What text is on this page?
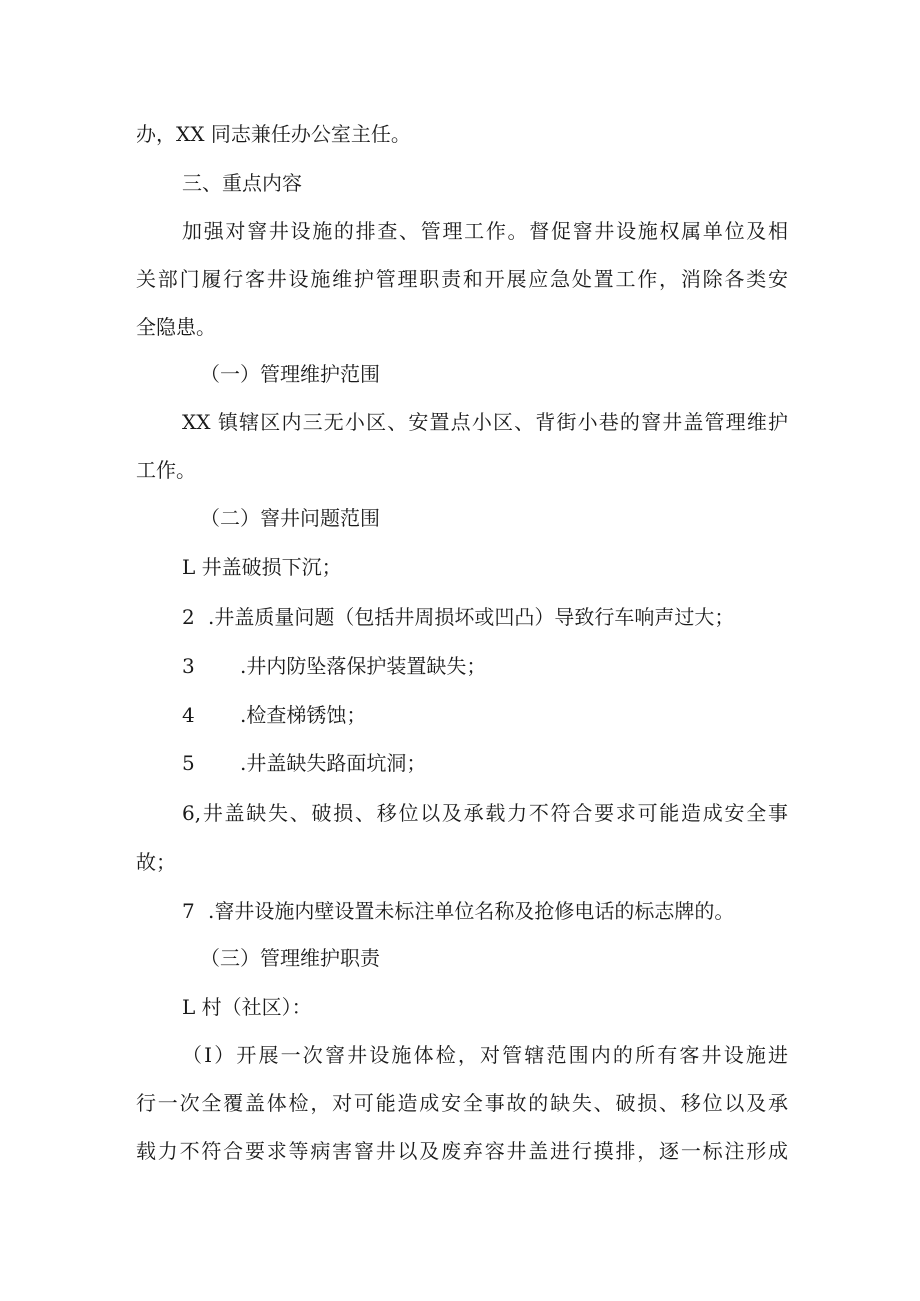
办，XX 同志兼任办公室主任。

三、重点内容

加强对窨井设施的排查、管理工作。督促窨井设施权属单位及相

关部门履行客井设施维护管理职责和开展应急处置工作，消除各类安

全隐患。

（一）管理维护范围

XX 镇辖区内三无小区、安置点小区、背街小巷的窨井盖管理维护

工作。

（二）窨井问题范围

L 井盖破损下沉；

2 .井盖质量问题（包括井周损坏或凹凸）导致行车响声过大；

3 .井内防坠落保护装置缺失；

4 .检查梯锈蚀；

5 .井盖缺失路面坑洞；

6,井盖缺失、破损、移位以及承载力不符合要求可能造成安全事

故；

7 .窨井设施内壁设置未标注单位名称及抢修电话的标志牌的。

（三）管理维护职责

L 村（社区）：

（I）开展一次窨井设施体检，对管辖范围内的所有客井设施进

行一次全覆盖体检，对可能造成安全事故的缺失、破损、移位以及承

载力不符合要求等病害窨井以及废弃容井盖进行摸排，逐一标注形成
